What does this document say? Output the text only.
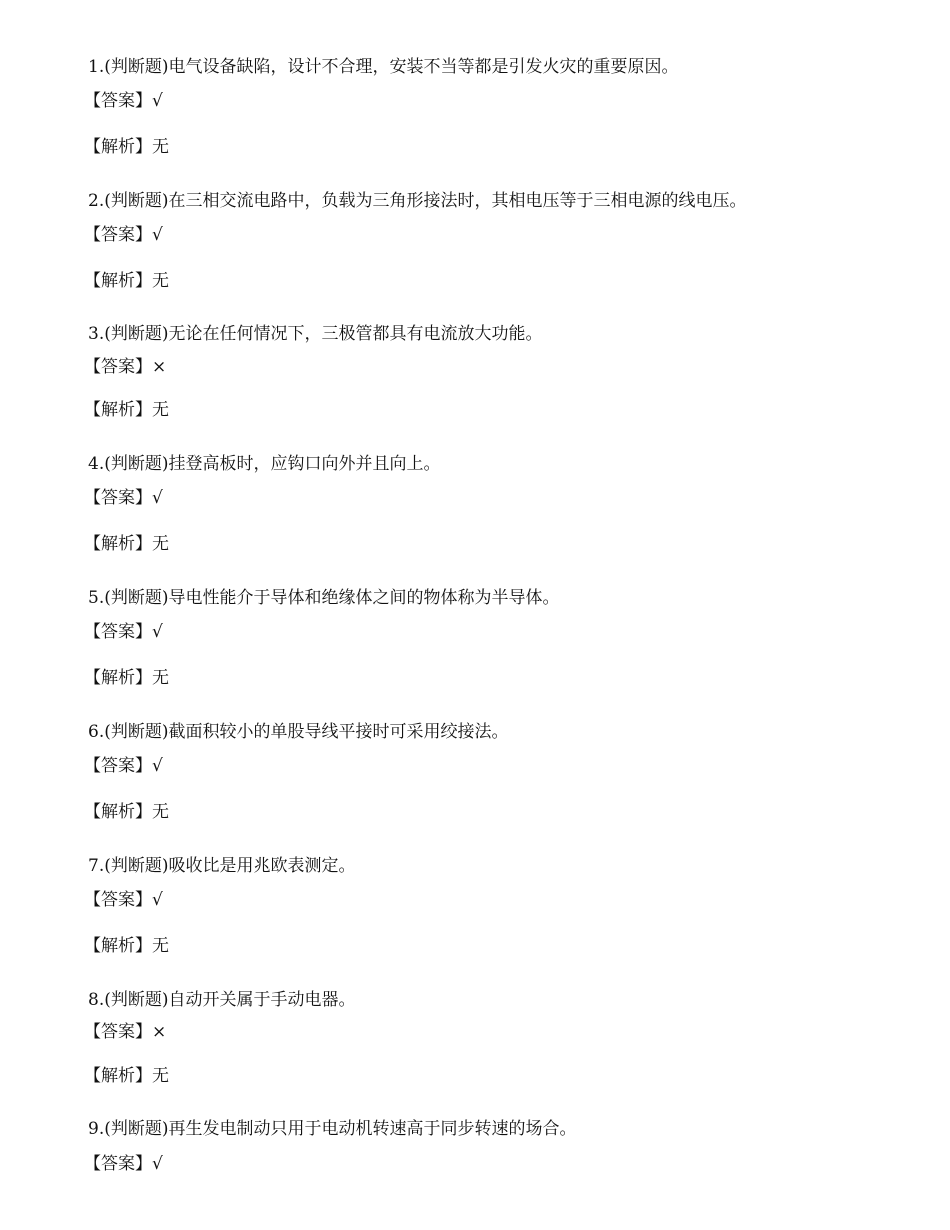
1.(判断题)电气设备缺陷，设计不合理，安装不当等都是引发火灾的重要原因。
【答案】√
【解析】无
2.(判断题)在三相交流电路中，负载为三角形接法时，其相电压等于三相电源的线电压。
【答案】√
【解析】无
3.(判断题)无论在任何情况下，三极管都具有电流放大功能。
【答案】×
【解析】无
4.(判断题)挂登高板时，应钩口向外并且向上。
【答案】√
【解析】无
5.(判断题)导电性能介于导体和绝缘体之间的物体称为半导体。
【答案】√
【解析】无
6.(判断题)截面积较小的单股导线平接时可采用绞接法。
【答案】√
【解析】无
7.(判断题)吸收比是用兆欧表测定。
【答案】√
【解析】无
8.(判断题)自动开关属于手动电器。
【答案】×
【解析】无
9.(判断题)再生发电制动只用于电动机转速高于同步转速的场合。
【答案】√
